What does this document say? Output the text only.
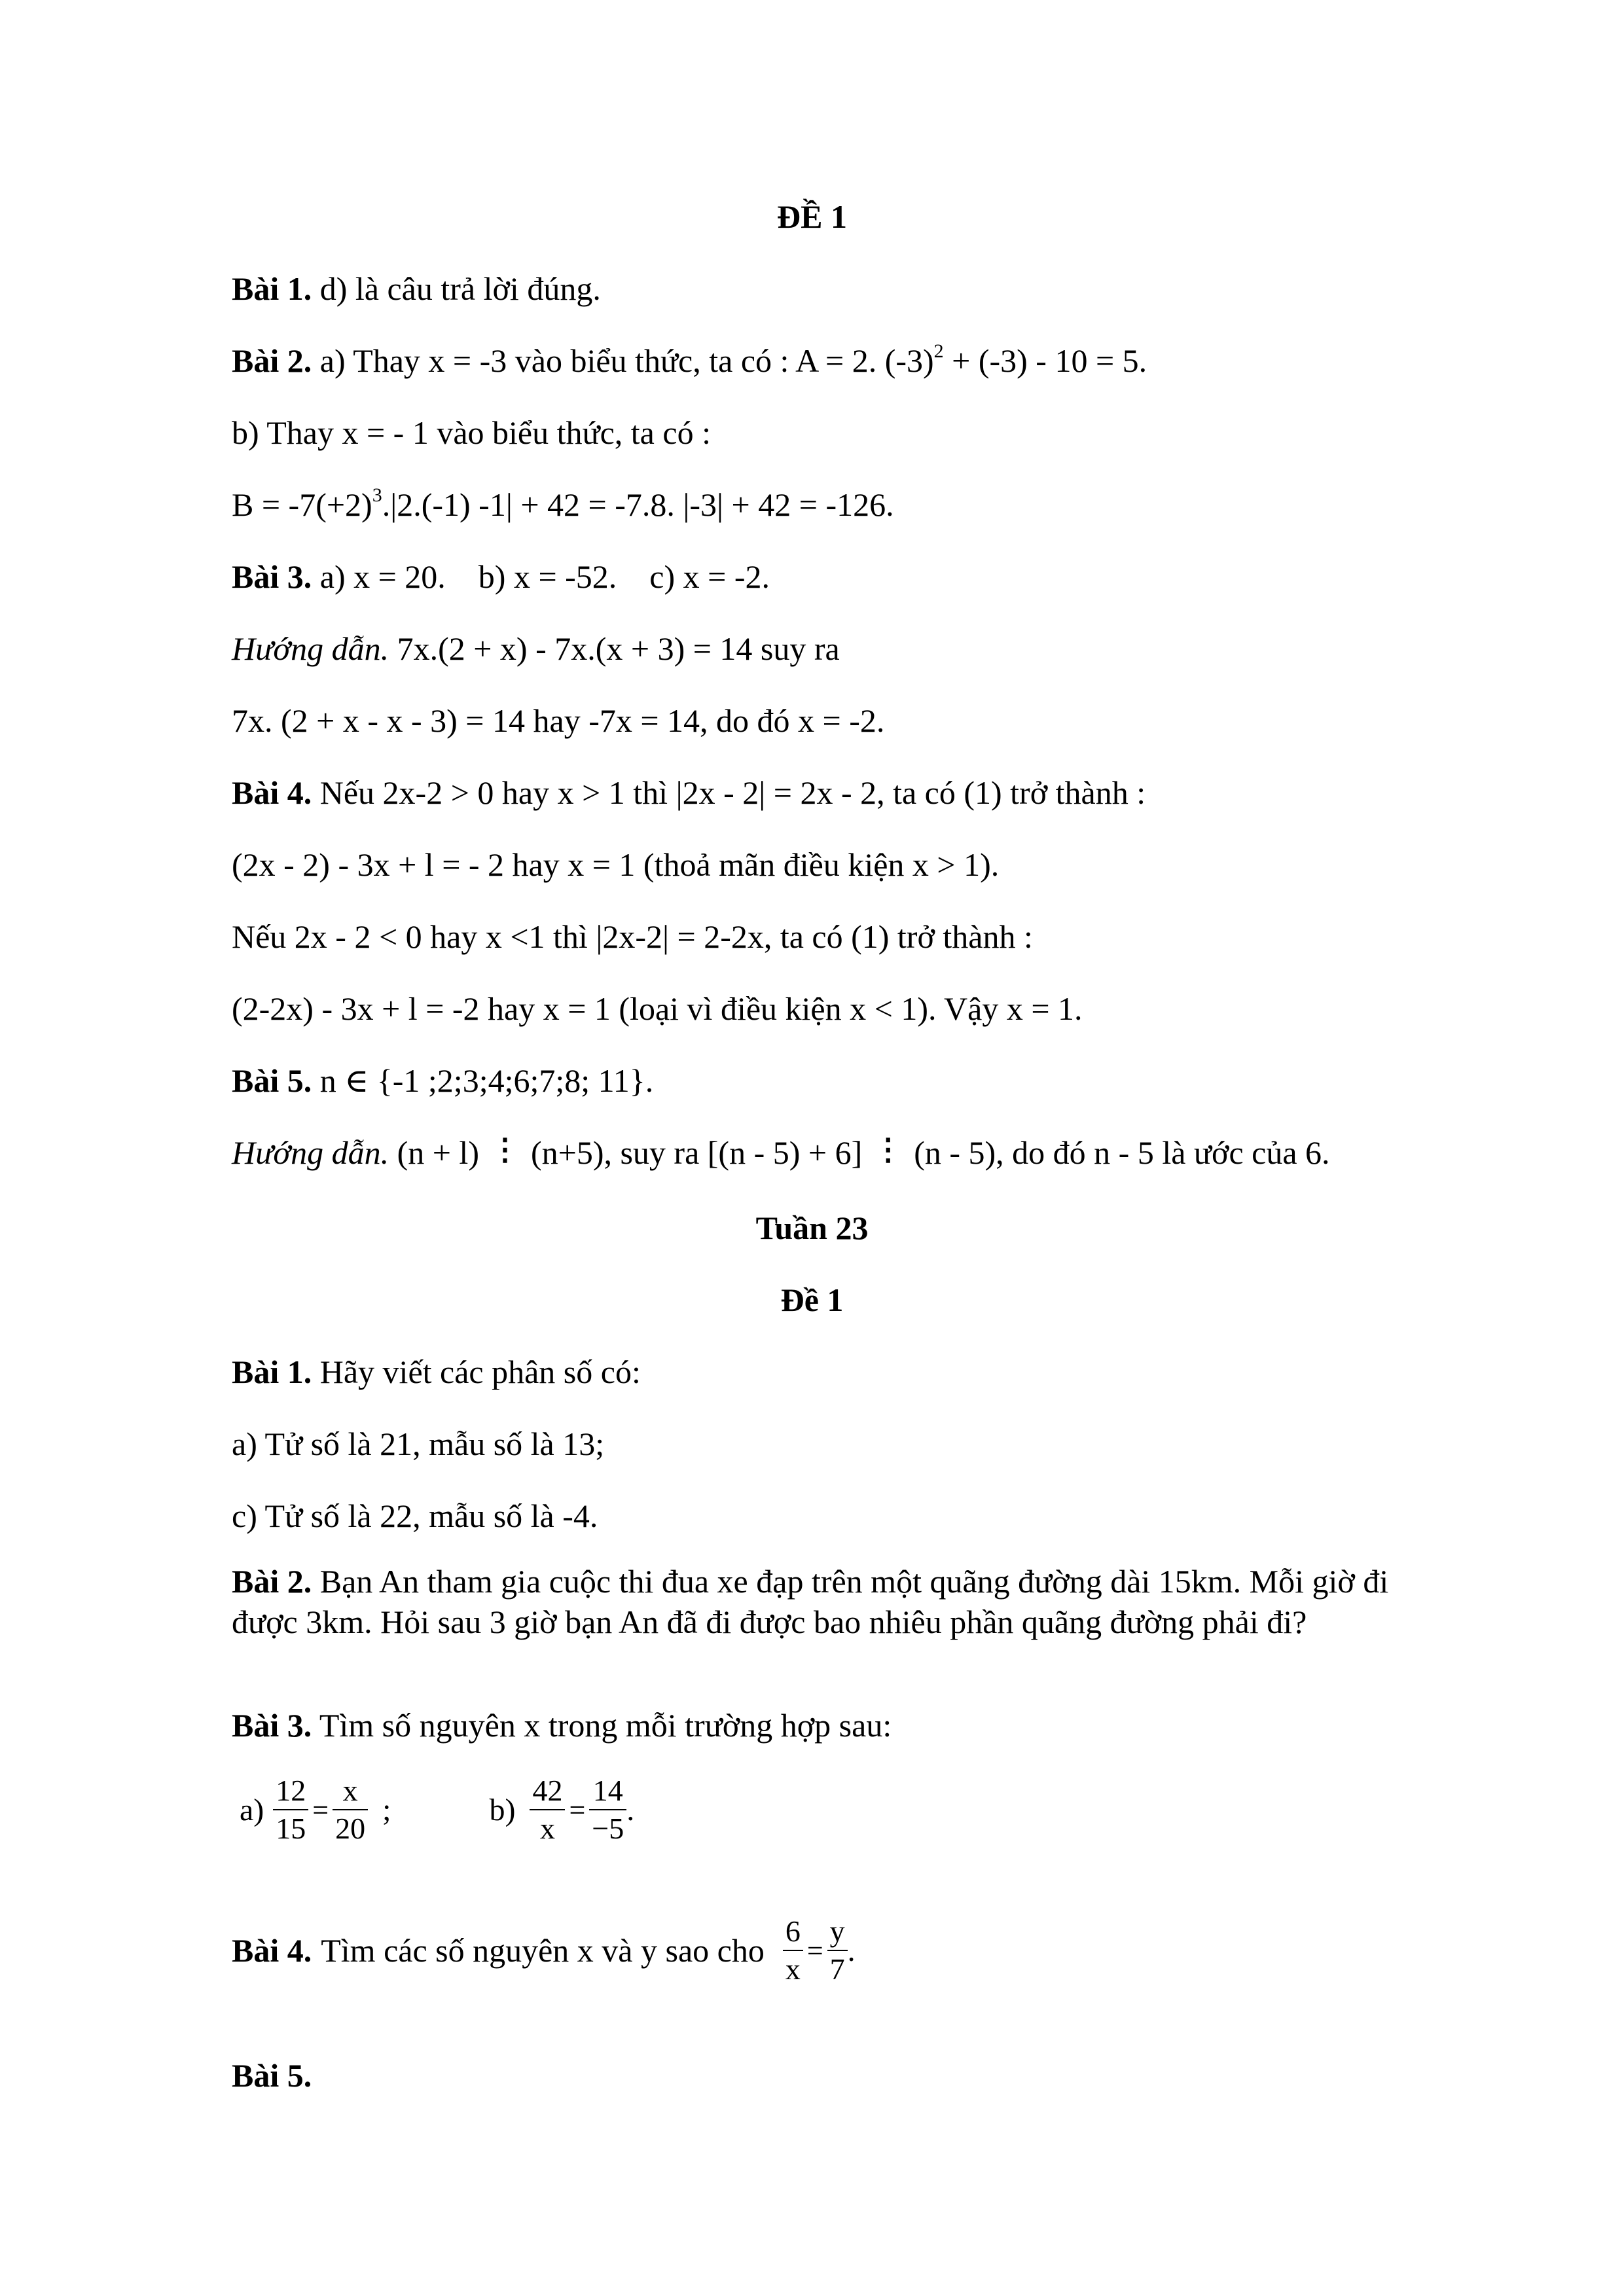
ĐỀ 1
Bài 1. d) là câu trả lời đúng.
Bài 2. a) Thay x = -3 vào biểu thức, ta có : A = 2. $(-3)^2 + (-3) - 10 = 5$.
b) Thay x = - 1 vào biểu thức, ta có :
$B = -7(+2)^3.|2.(-1) -1| + 42 = -7.8$. |-3| + 42 = -126.
Bài 3. a) x = 20.    b) x = -52.    c) x = -2.
Hướng dẫn. 7x.(2 + x) - 7x.(x + 3) = 14 suy ra
7x. (2 + x - x - 3) = 14 hay -7x = 14, do đó x = -2.
Bài 4. Nếu 2x-2 > 0 hay x > 1 thì |2x - 2| = 2x - 2, ta có (1) trở thành :
(2x - 2) - 3x + l = - 2 hay x = 1 (thoả mãn điều kiện x > 1).
Nếu 2x - 2 < 0 hay x <1 thì |2x-2| = 2-2x, ta có (1) trở thành :
(2-2x) - 3x + l = -2 hay x = 1 (loại vì điều kiện x < 1). Vậy x = 1.
Bài 5. n ∈ {-1 ;2;3;4;6;7;8; 11}.
Hướng dẫn. (n + l) ⋮ (n+5), suy ra [(n - 5) + 6] ⋮ (n - 5), do đó n - 5 là ước của 6.
Tuần 23
Đề 1
Bài 1. Hãy viết các phân số có:
a) Tử số là 21, mẫu số là 13;
c) Tử số là 22, mẫu số là -4.
Bài 2. Bạn An tham gia cuộc thi đua xe đạp trên một quãng đường dài 15km. Mỗi giờ đi được 3km. Hỏi sau 3 giờ bạn An đã đi được bao nhiêu phần quãng đường phải đi?
Bài 3. Tìm số nguyên x trong mỗi trường hợp sau:
$a) \frac{12}{15} = \frac{x}{20}$ ;	$b) \frac{42}{x} = \frac{14}{-5}$ .
Bài 4. Tìm các số nguyên x và y sao cho $\frac{6}{x} = \frac{y}{7}$ .
Bài 5.
